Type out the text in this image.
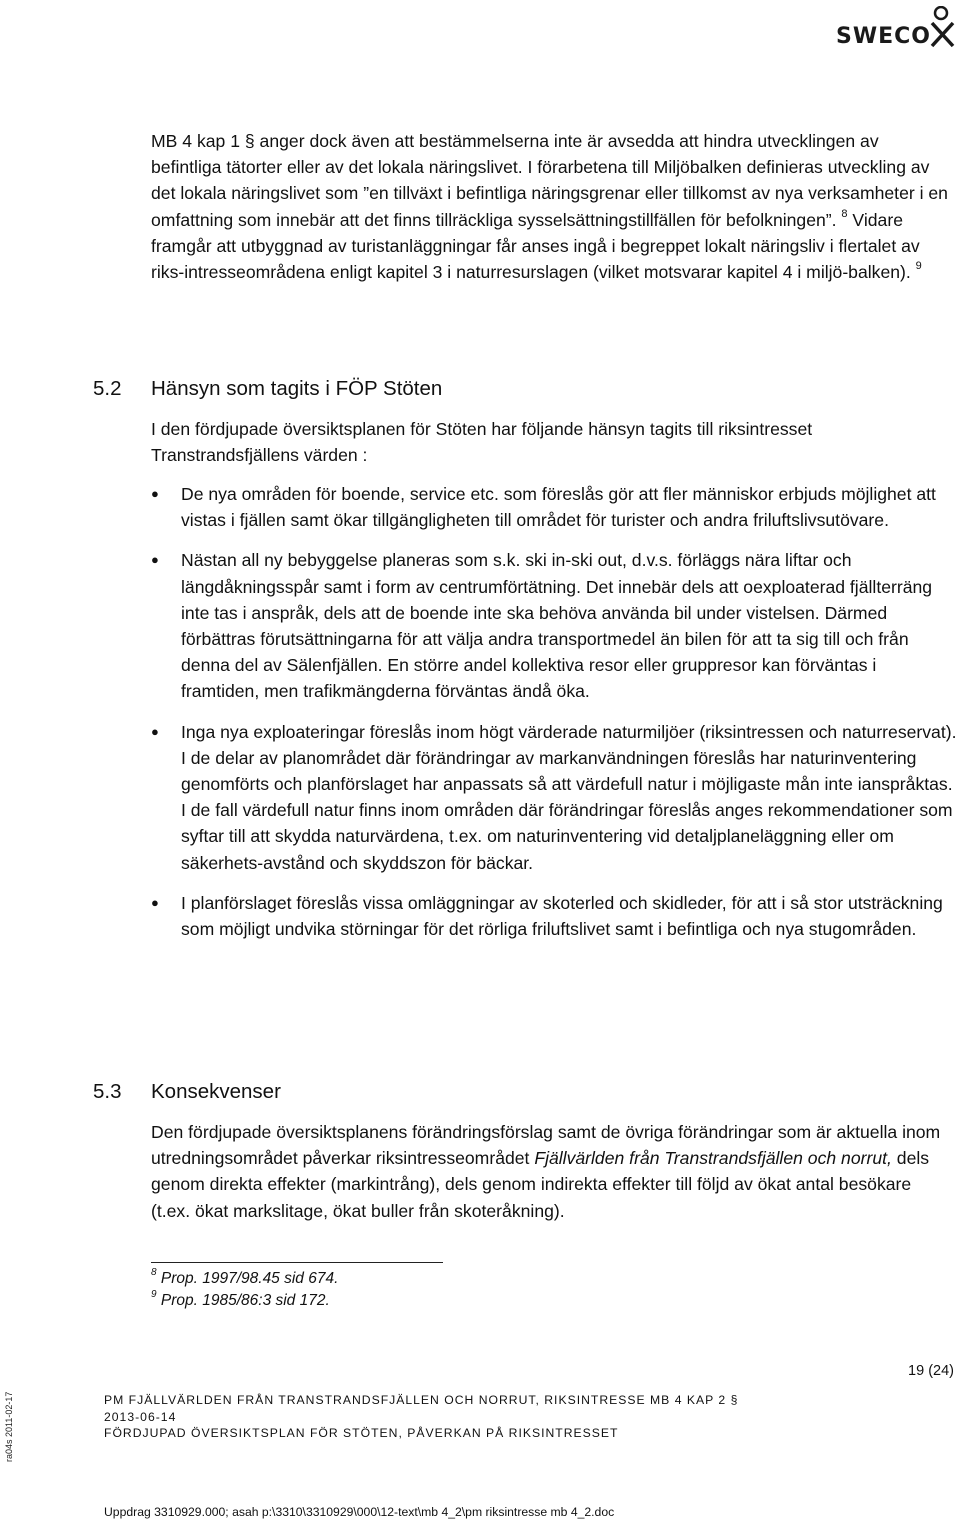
SWECO
MB 4 kap 1 § anger dock även att bestämmelserna inte är avsedda att hindra utvecklingen av befintliga tätorter eller av det lokala näringslivet. I förarbetena till Miljöbalken definieras utveckling av det lokala näringslivet som ”en tillväxt i befintliga näringsgrenar eller tillkomst av nya verksamheter i en omfattning som innebär att det finns tillräckliga sysselsättningstillfällen för befolkningen”. $^8$ Vidare framgår att utbyggnad av turistanläggningar får anses ingå i begreppet lokalt näringsliv i flertalet av riks-intresseområdena enligt kapitel 3 i naturresurslagen (vilket motsvarar kapitel 4 i miljö-balken). $^9$
5.2 Hänsyn som tagits i FÖP Stöten
I den fördjupade översiktsplanen för Stöten har följande hänsyn tagits till riksintresset Transtrandsfjällens värden :
● De nya områden för boende, service etc. som föreslås gör att fler människor erbjuds möjlighet att vistas i fjällen samt ökar tillgängligheten till området för turister och andra friluftslivsutövare.
● Nästan all ny bebyggelse planeras som s.k. ski in-ski out, d.v.s. förläggs nära liftar och längdåkningsspår samt i form av centrumförtätning. Det innebär dels att oexploaterad fjällterräng inte tas i anspråk, dels att de boende inte ska behöva använda bil under vistelsen. Därmed förbättras förutsättningarna för att välja andra transportmedel än bilen för att ta sig till och från denna del av Sälenfjällen. En större andel kollektiva resor eller gruppresor kan förväntas i framtiden, men trafikmängderna förväntas ändå öka.
● Inga nya exploateringar föreslås inom högt värderade naturmiljöer (riksintressen och naturreservat). I de delar av planområdet där förändringar av markanvändningen föreslås har naturinventering genomförts och planförslaget har anpassats så att värdefull natur i möjligaste mån inte ianspråktas. I de fall värdefull natur finns inom områden där förändringar föreslås anges rekommendationer som syftar till att skydda naturvärdena, t.ex. om naturinventering vid detaljplaneläggning eller om säkerhets-avstånd och skyddszon för bäckar.
● I planförslaget föreslås vissa omläggningar av skoterled och skidleder, för att i så stor utsträckning som möjligt undvika störningar för det rörliga friluftslivet samt i befintliga och nya stugområden.
5.3 Konsekvenser
Den fördjupade översiktsplanens förändringsförslag samt de övriga förändringar som är aktuella inom utredningsområdet påverkar riksintresseområdet Fjällvärlden från Transtrandsfjällen och norrut, dels genom direkta effekter (markintrång), dels genom indirekta effekter till följd av ökat antal besökare (t.ex. ökat markslitage, ökat buller från skoteråkning).
$^8$ Prop. 1997/98.45 sid 674.
$^9$ Prop. 1985/86:3 sid 172.
19 (24)
ra04s 2011-02-17	PM FJÄLLVÄRLDEN FRÅN TRANSTRANDSFJÄLLEN OCH NORRUT, RIKSINTRESSE MB 4 KAP 2 §
2013-06-14
FÖRDJUPAD ÖVERSIKTSPLAN FÖR STÖTEN, PÅVERKAN PÅ RIKSINTRESSET
Uppdrag 3310929.000; asah p:\3310\3310929\000\12-text\mb 4_2\pm riksintresse mb 4_2.doc
